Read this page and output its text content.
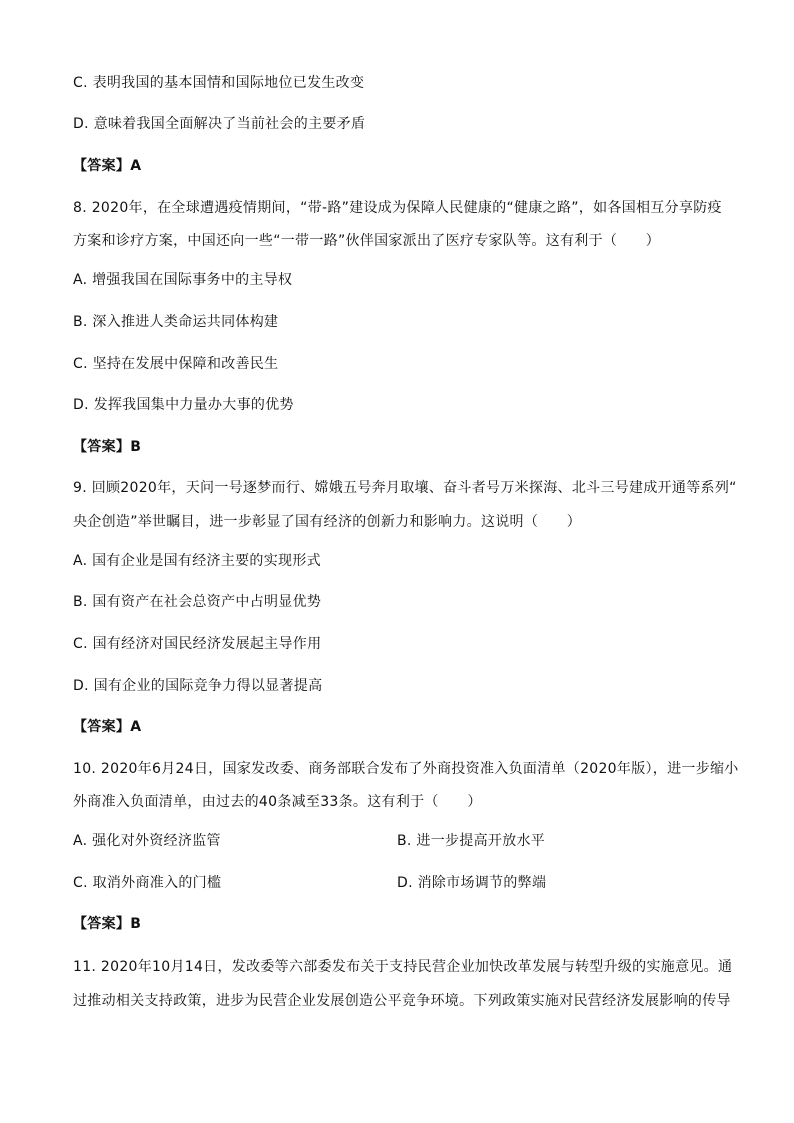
C. 表明我国的基本国情和国际地位已发生改变
D. 意味着我国全面解决了当前社会的主要矛盾
【答案】A
8. 2020年，在全球遭遇疫情期间，“带-路”建设成为保障人民健康的“健康之路”，如各国相互分享防疫
方案和诊疗方案，中国还向一些“一带一路”伙伴国家派出了医疗专家队等。这有利于（　　）
A. 增强我国在国际事务中的主导权
B. 深入推进人类命运共同体构建
C. 坚持在发展中保障和改善民生
D. 发挥我国集中力量办大事的优势
【答案】B
9. 回顾2020年，天问一号逐梦而行、嫦娥五号奔月取壤、奋斗者号万米探海、北斗三号建成开通等系列“
央企创造”举世瞩目，进一步彰显了国有经济的创新力和影响力。这说明（　　）
A. 国有企业是国有经济主要的实现形式
B. 国有资产在社会总资产中占明显优势
C. 国有经济对国民经济发展起主导作用
D. 国有企业的国际竞争力得以显著提高
【答案】A
10. 2020年6月24日，国家发改委、商务部联合发布了外商投资准入负面清单（2020年版），进一步缩小
外商准入负面清单，由过去的40条减至33条。这有利于（　　）
A. 强化对外资经济监管	B. 进一步提高开放水平
C. 取消外商准入的门槛	D. 消除市场调节的弊端
【答案】B
11. 2020年10月14日，发改委等六部委发布关于支持民营企业加快改革发展与转型升级的实施意见。通
过推动相关支持政策，进步为民营企业发展创造公平竞争环境。下列政策实施对民营经济发展影响的传导
